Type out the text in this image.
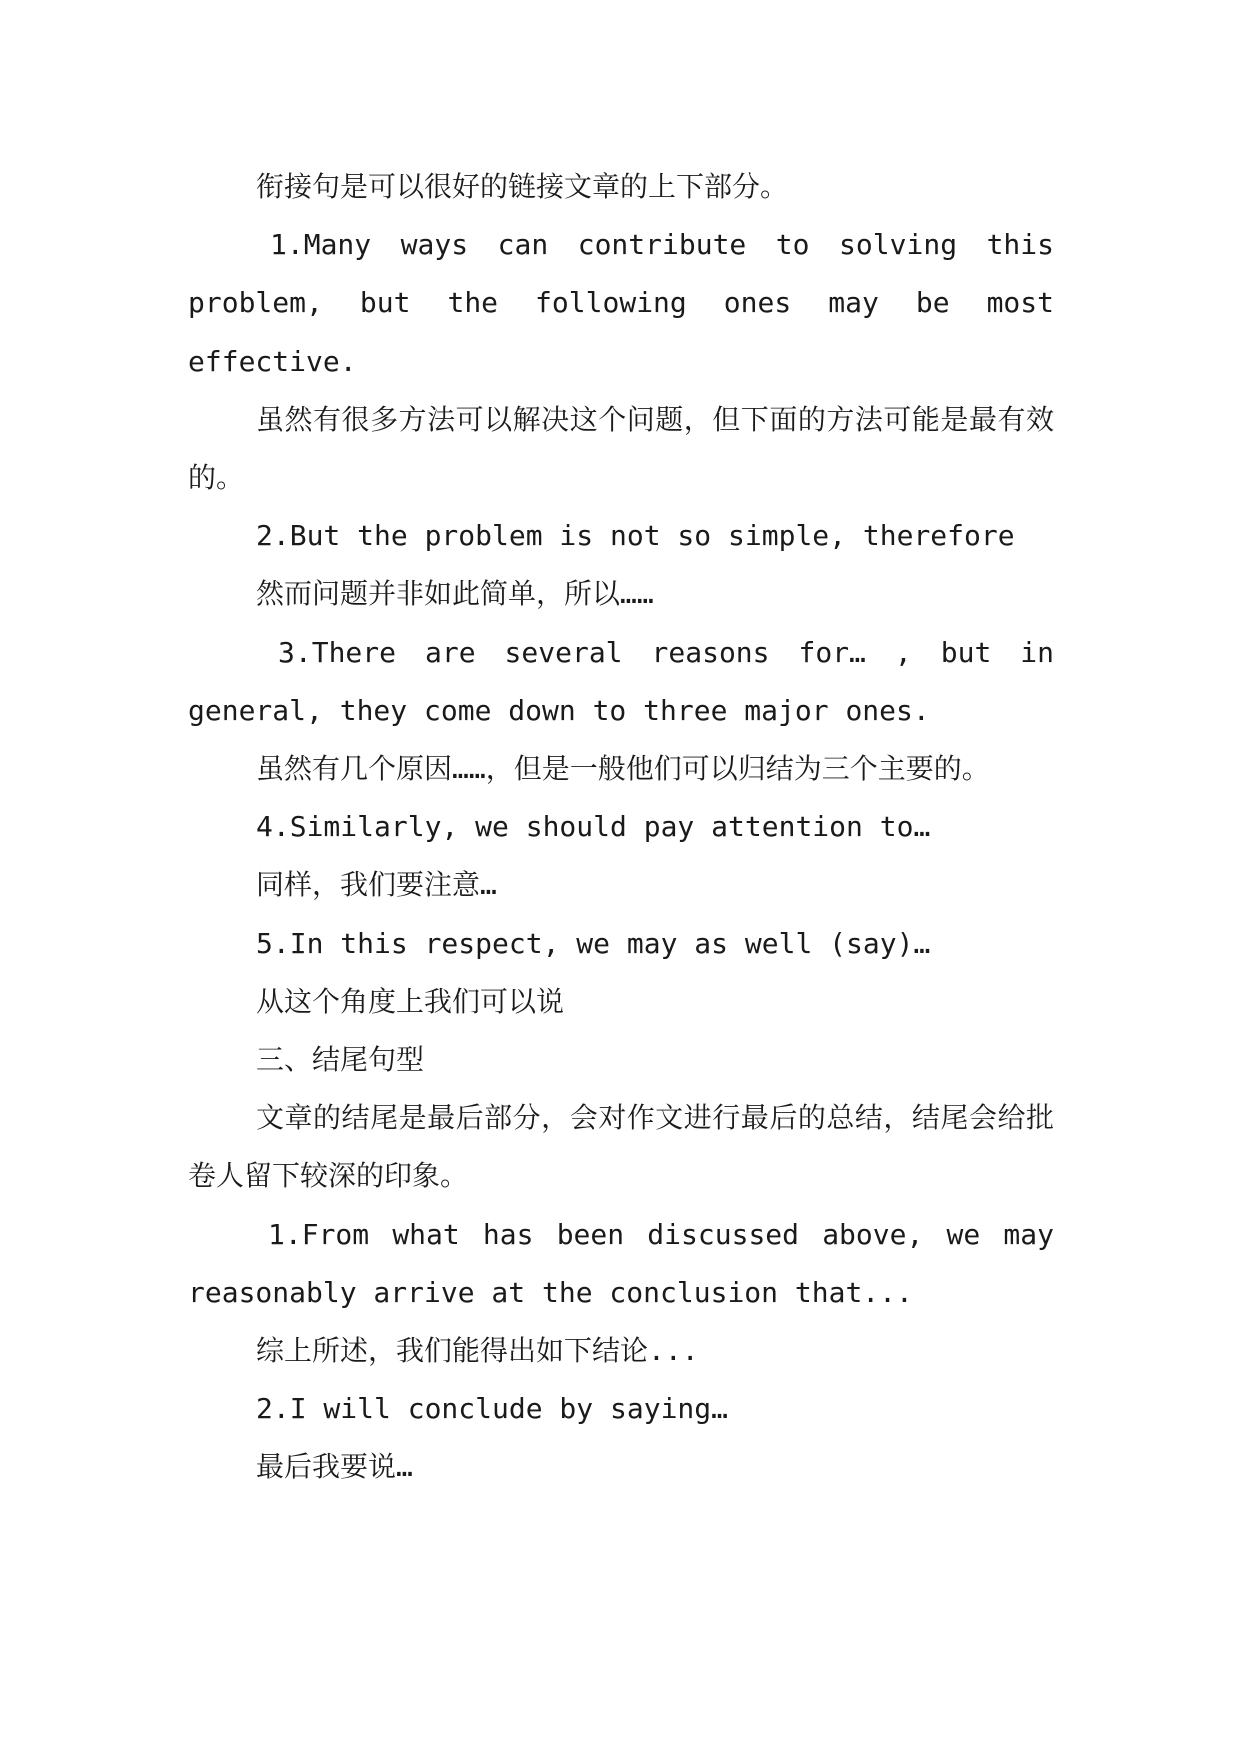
衔接句是可以很好的链接文章的上下部分。

1.Many ways can contribute to solving this problem, but the following ones may be most effective.

虽然有很多方法可以解决这个问题，但下面的方法可能是最有效的。

2.But the problem is not so simple, therefore

然而问题并非如此简单，所以……

3.There are several reasons for… , but in general, they come down to three major ones.

虽然有几个原因……，但是一般他们可以归结为三个主要的。

4.Similarly, we should pay attention to…

同样，我们要注意…

5.In this respect, we may as well (say)…

从这个角度上我们可以说

三、结尾句型

文章的结尾是最后部分，会对作文进行最后的总结，结尾会给批卷人留下较深的印象。

1.From what has been discussed above, we may reasonably arrive at the conclusion that...

综上所述，我们能得出如下结论...

2.I will conclude by saying…

最后我要说…
